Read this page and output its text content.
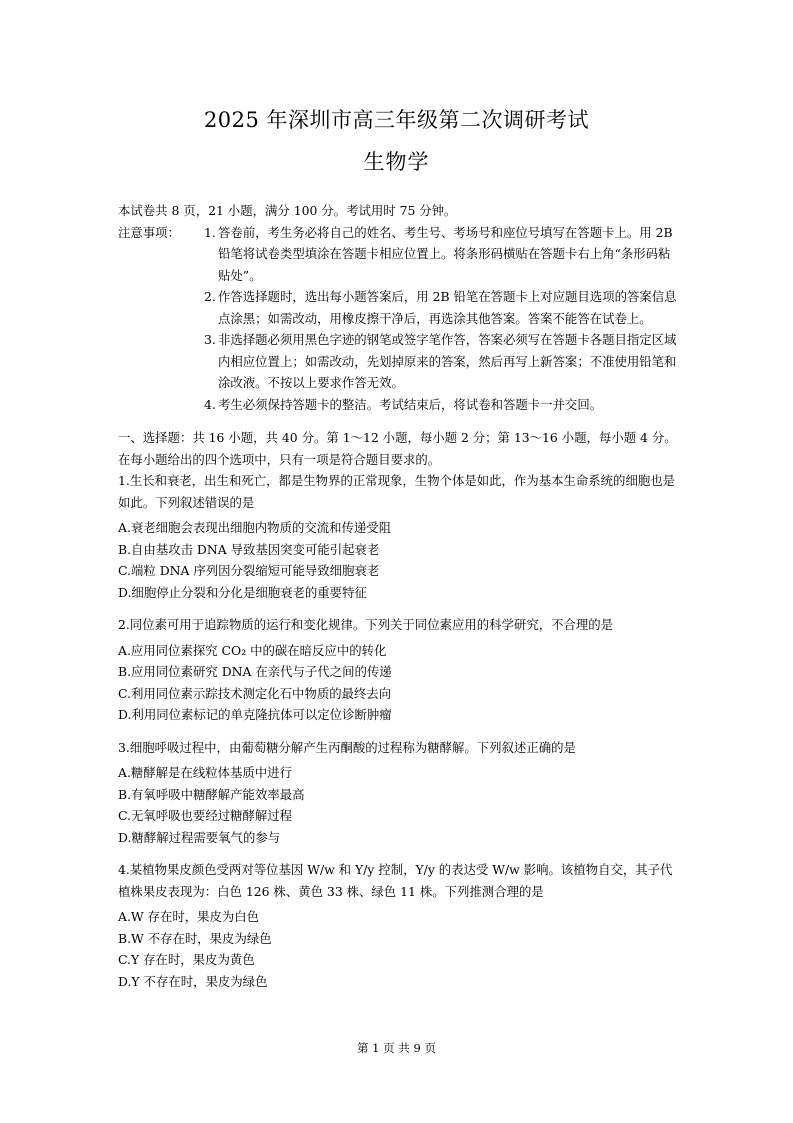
2025 年深圳市高三年级第二次调研考试
生物学
本试卷共 8 页，21 小题，满分 100 分。考试用时 75 分钟。
注意事项： 1. 答卷前，考生务必将自己的姓名、考生号、考场号和座位号填写在答题卡上。用 2B 铅笔将试卷类型填涂在答题卡相应位置上。将条形码横贴在答题卡右上角“条形码粘贴处”。
2. 作答选择题时，选出每小题答案后，用 2B 铅笔在答题卡上对应题目选项的答案信息点涂黑；如需改动，用橡皮擦干净后，再选涂其他答案。答案不能答在试卷上。
3. 非选择题必须用黑色字迹的钢笔或签字笔作答，答案必须写在答题卡各题目指定区域内相应位置上；如需改动，先划掉原来的答案，然后再写上新答案；不准使用铅笔和涂改液。不按以上要求作答无效。
4. 考生必须保持答题卡的整洁。考试结束后，将试卷和答题卡一并交回。
一、选择题：共 16 小题，共 40 分。第 1～12 小题，每小题 2 分；第 13～16 小题，每小题 4 分。在每小题给出的四个选项中，只有一项是符合题目要求的。
1.生长和衰老，出生和死亡，都是生物界的正常现象，生物个体是如此，作为基本生命系统的细胞也是如此。下列叙述错误的是
A.衰老细胞会表现出细胞内物质的交流和传递受阻
B.自由基攻击 DNA 导致基因突变可能引起衰老
C.端粒 DNA 序列因分裂缩短可能导致细胞衰老
D.细胞停止分裂和分化是细胞衰老的重要特征
2.同位素可用于追踪物质的运行和变化规律。下列关于同位素应用的科学研究，不合理的是
A.应用同位素探究 CO₂ 中的碳在暗反应中的转化
B.应用同位素研究 DNA 在亲代与子代之间的传递
C.利用同位素示踪技术测定化石中物质的最终去向
D.利用同位素标记的单克隆抗体可以定位诊断肿瘤
3.细胞呼吸过程中，由葡萄糖分解产生丙酮酸的过程称为糖酵解。下列叙述正确的是
A.糖酵解是在线粒体基质中进行
B.有氧呼吸中糖酵解产能效率最高
C.无氧呼吸也要经过糖酵解过程
D.糖酵解过程需要氧气的参与
4.某植物果皮颜色受两对等位基因 W/w 和 Y/y 控制，Y/y 的表达受 W/w 影响。该植物自交，其子代植株果皮表现为：白色 126 株、黄色 33 株、绿色 11 株。下列推测合理的是
A.W 存在时，果皮为白色
B.W 不存在时，果皮为绿色
C.Y 存在时，果皮为黄色
D.Y 不存在时，果皮为绿色
第 1 页 共 9 页
